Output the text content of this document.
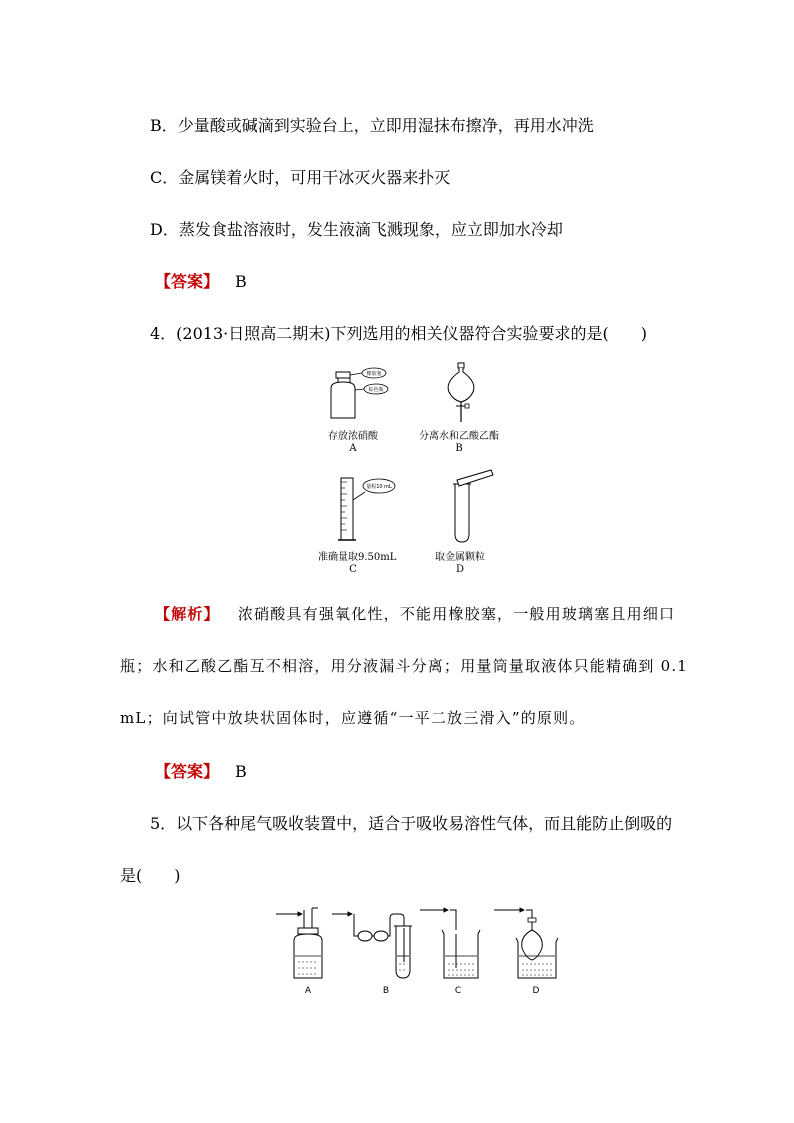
B．少量酸或碱滴到实验台上，立即用湿抹布擦净，再用水冲洗
C．金属镁着火时，可用干冰灭火器来扑灭
D．蒸发食盐溶液时，发生液滴飞溅现象，应立即加水冷却
【答案】 B
4．(2013·日照高二期末)下列选用的相关仪器符合实验要求的是(　　)
橡胶塞
棕色瓶
存放浓硝酸
A
分离水和乙酸乙酯
B
量程10 mL
准确量取9.50mL
C
取金属颗粒
D
【解析】 浓硝酸具有强氧化性，不能用橡胶塞，一般用玻璃塞且用细口
瓶；水和乙酸乙酯互不相溶，用分液漏斗分离；用量筒量取液体只能精确到 0.1
mL；向试管中放块状固体时，应遵循“一平二放三滑入”的原则。
【答案】 B
5．以下各种尾气吸收装置中，适合于吸收易溶性气体，而且能防止倒吸的
是(　　)
A	B	C	D
